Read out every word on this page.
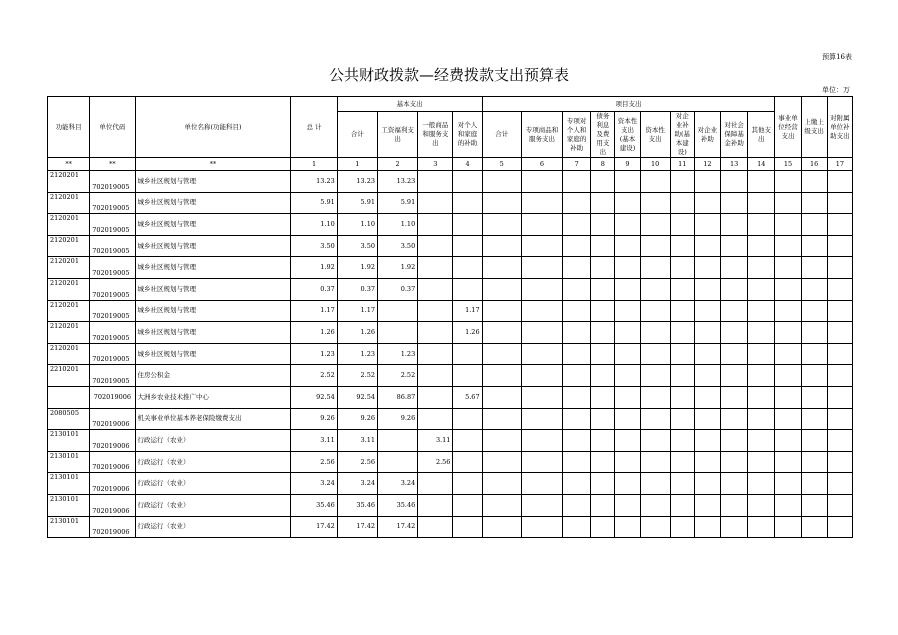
预算16表
公共财政拨款—经费拨款支出预算表
单位：万
功能科目	单位代码	单位名称(功能科目)	总 计	基本支出				项目支出										事业单位经营支出	上缴上级支出	对附属单位补助支出
				合计	工资福利支出	一般商品和服务支出	对个人和家庭的补助	合计	专项商品和服务支出	专项对个人和家庭的补助	债务利息及费用支出	资本性支出(基本建设)	资本性支出	对企业补助(基本建设)	对企业补助	对社会保障基金补助	其他支出			
**	**	**	1	1	2	3	4	5	6	7	8	9	10	11	12	13	14	15	16	17
2120201	702019005	城乡社区规划与管理	13.23	13.23	13.23															
2120201	702019005	城乡社区规划与管理	5.91	5.91	5.91															
2120201	702019005	城乡社区规划与管理	1.10	1.10	1.10															
2120201	702019005	城乡社区规划与管理	3.50	3.50	3.50															
2120201	702019005	城乡社区规划与管理	1.92	1.92	1.92															
2120201	702019005	城乡社区规划与管理	0.37	0.37	0.37															
2120201	702019005	城乡社区规划与管理	1.17	1.17			1.17													
2120201	702019005	城乡社区规划与管理	1.26	1.26			1.26													
2120201	702019005	城乡社区规划与管理	1.23	1.23	1.23															
2210201	702019005	住房公积金	2.52	2.52	2.52															
	702019006	大洲乡农业技术推广中心	92.54	92.54	86.87		5.67													
2080505	702019006	机关事业单位基本养老保险缴费支出	9.26	9.26	9.26															
2130101	702019006	行政运行（农业）	3.11	3.11		3.11														
2130101	702019006	行政运行（农业）	2.56	2.56		2.56														
2130101	702019006	行政运行（农业）	3.24	3.24	3.24															
2130101	702019006	行政运行（农业）	35.46	35.46	35.46															
2130101	702019006	行政运行（农业）	17.42	17.42	17.42															
